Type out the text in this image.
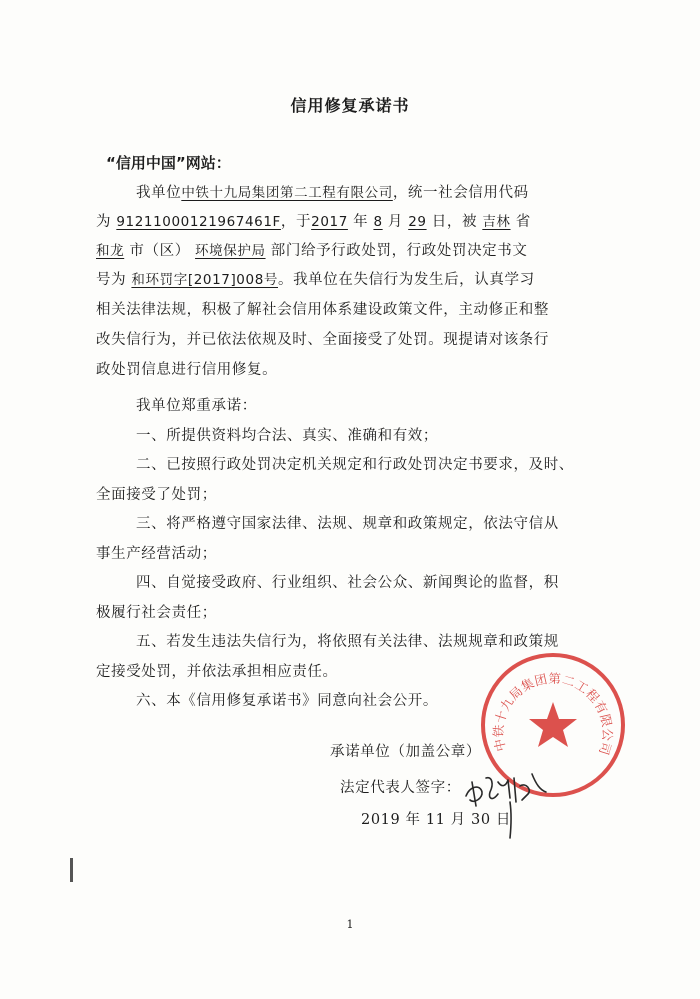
信用修复承诺书
“信用中国”网站：
我单位中铁十九局集团第二工程有限公司，统一社会信用代码
为 91211000121967461F，于2017 年 8 月 29 日，被 吉林 省
和龙 市（区） 环境保护局 部门给予行政处罚，行政处罚决定书文
号为 和环罚字[2017]008号。我单位在失信行为发生后，认真学习
相关法律法规，积极了解社会信用体系建设政策文件，主动修正和整
改失信行为，并已依法依规及时、全面接受了处罚。现提请对该条行
政处罚信息进行信用修复。
我单位郑重承诺：
一、所提供资料均合法、真实、准确和有效；
二、已按照行政处罚决定机关规定和行政处罚决定书要求，及时、
全面接受了处罚；
三、将严格遵守国家法律、法规、规章和政策规定，依法守信从
事生产经营活动；
四、自觉接受政府、行业组织、社会公众、新闻舆论的监督，积
极履行社会责任；
五、若发生违法失信行为，将依照有关法律、法规规章和政策规
定接受处罚，并依法承担相应责任。
六、本《信用修复承诺书》同意向社会公开。
中铁十九局集团第二工程有限公司
承诺单位（加盖公章）
法定代表人签字：
2019 年 11 月 30 日
1
